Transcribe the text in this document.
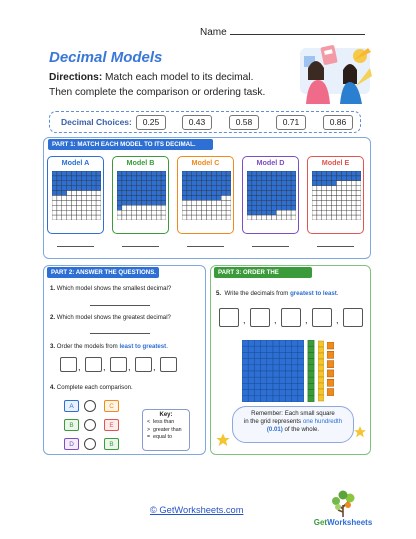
Name
Decimal Models
Directions: Match each model to its decimal.
Then complete the comparison or ordering task.
Decimal Choices:	0.25	0.43	0.58	0.71	0.86
PART 1: MATCH EACH MODEL TO ITS DECIMAL.
Model A	Model B	Model C	Model D	Model E
PART 2: ANSWER THE QUESTIONS.
1. Which model shows the smallest decimal?
2. Which model shows the greatest decimal?
3. Order the models from least to greatest.
, , , ,
4. Complete each comparison.
A	C
B	E
D	B
Key:
< less than
> greater than
= equal to
PART 3: ORDER THE DECIMALS.
5. Write the decimals from greatest to least.
,	,	,	,
Remember: Each small square
in the grid represents one hundredth
(0.01) of the whole.
© GetWorksheets.com
GetWorksheets
